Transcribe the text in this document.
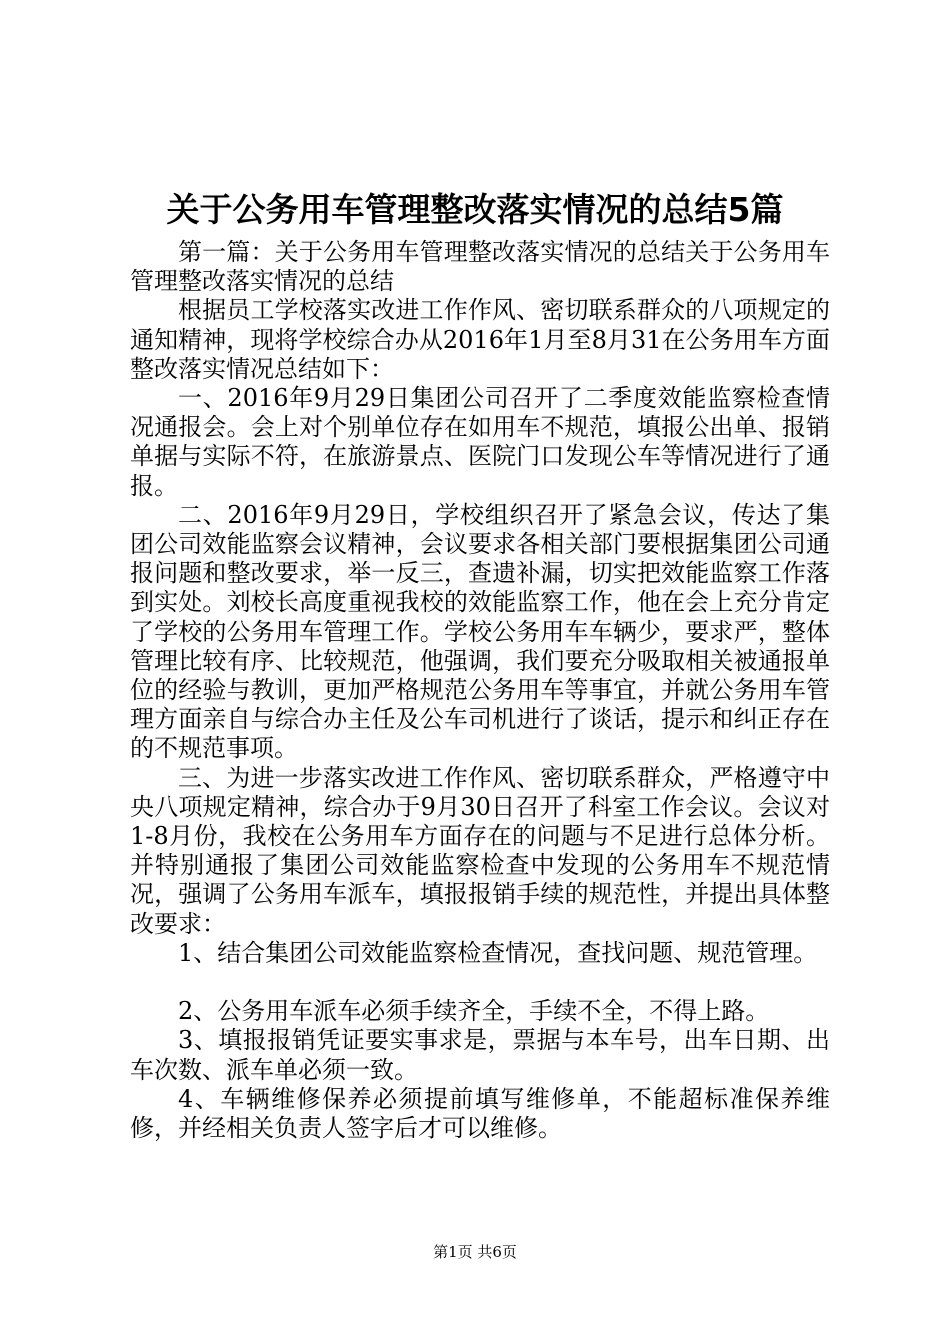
关于公务用车管理整改落实情况的总结5篇

第一篇：关于公务用车管理整改落实情况的总结关于公务用车管理整改落实情况的总结

根据员工学校落实改进工作作风、密切联系群众的八项规定的通知精神，现将学校综合办从2016年1月至8月31在公务用车方面整改落实情况总结如下：

一、2016年9月29日集团公司召开了二季度效能监察检查情况通报会。会上对个别单位存在如用车不规范，填报公出单、报销单据与实际不符，在旅游景点、医院门口发现公车等情况进行了通报。

二、2016年9月29日，学校组织召开了紧急会议，传达了集团公司效能监察会议精神，会议要求各相关部门要根据集团公司通报问题和整改要求，举一反三，查遗补漏，切实把效能监察工作落到实处。刘校长高度重视我校的效能监察工作，他在会上充分肯定了学校的公务用车管理工作。学校公务用车车辆少，要求严，整体管理比较有序、比较规范，他强调，我们要充分吸取相关被通报单位的经验与教训，更加严格规范公务用车等事宜，并就公务用车管理方面亲自与综合办主任及公车司机进行了谈话，提示和纠正存在的不规范事项。

三、为进一步落实改进工作作风、密切联系群众，严格遵守中央八项规定精神，综合办于9月30日召开了科室工作会议。会议对1-8月份，我校在公务用车方面存在的问题与不足进行总体分析。并特别通报了集团公司效能监察检查中发现的公务用车不规范情况，强调了公务用车派车，填报报销手续的规范性，并提出具体整改要求：

1、结合集团公司效能监察检查情况，查找问题、规范管理。

2、公务用车派车必须手续齐全，手续不全，不得上路。

3、填报报销凭证要实事求是，票据与本车号，出车日期、出车次数、派车单必须一致。

4、车辆维修保养必须提前填写维修单，不能超标准保养维修，并经相关负责人签字后才可以维修。

第1页 共6页
